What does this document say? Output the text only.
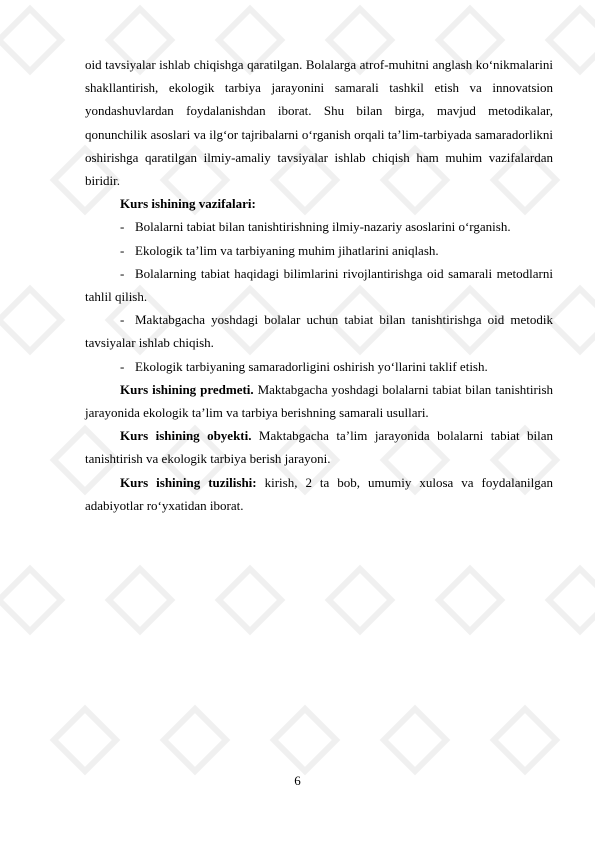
oid tavsiyalar ishlab chiqishga qaratilgan. Bolalarga atrof-muhitni anglash ko‘nikmalarini shakllantirish, ekologik tarbiya jarayonini samarali tashkil etish va innovatsion yondashuvlardan foydalanishdan iborat. Shu bilan birga, mavjud metodikalar, qonunchilik asoslari va ilg‘or tajribalarni o‘rganish orqali ta’lim-tarbiyada samaradorlikni oshirishga qaratilgan ilmiy-amaliy tavsiyalar ishlab chiqish ham muhim vazifalardan biridir.

Kurs ishining vazifalari:

- Bolalarni tabiat bilan tanishtirishning ilmiy-nazariy asoslarini o‘rganish.

- Ekologik ta’lim va tarbiyaning muhim jihatlarini aniqlash.

- Bolalarning tabiat haqidagi bilimlarini rivojlantirishga oid samarali metodlarni tahlil qilish.

- Maktabgacha yoshdagi bolalar uchun tabiat bilan tanishtirishga oid metodik tavsiyalar ishlab chiqish.

- Ekologik tarbiyaning samaradorligini oshirish yo‘llarini taklif etish.

Kurs ishining predmeti. Maktabgacha yoshdagi bolalarni tabiat bilan tanishtirish jarayonida ekologik ta’lim va tarbiya berishning samarali usullari.

Kurs ishining obyekti. Maktabgacha ta’lim jarayonida bolalarni tabiat bilan tanishtirish va ekologik tarbiya berish jarayoni.

Kurs ishining tuzilishi: kirish, 2 ta bob, umumiy xulosa va foydalanilgan adabiyotlar ro‘yxatidan iborat.

6
